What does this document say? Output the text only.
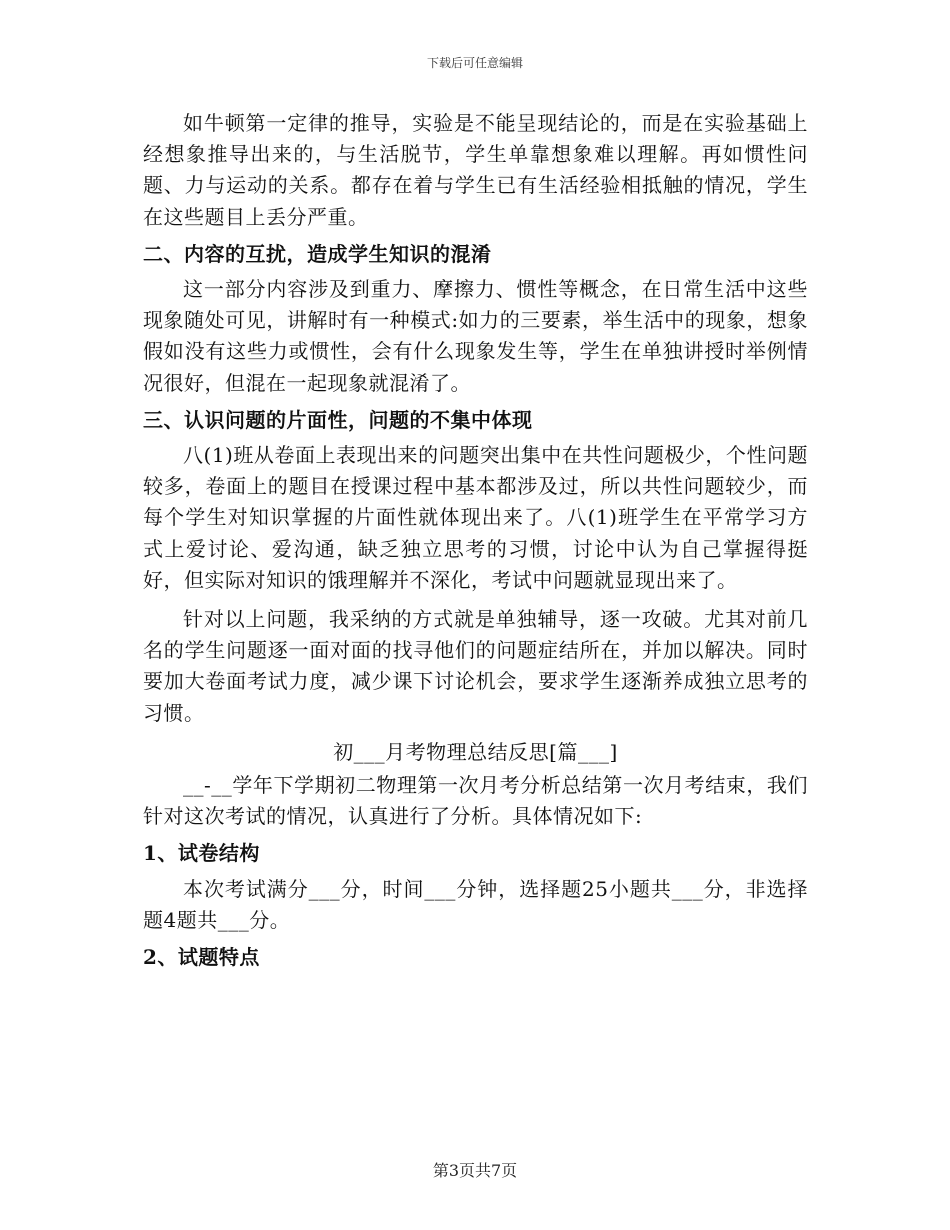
下载后可任意编辑

如牛顿第一定律的推导，实验是不能呈现结论的，而是在实验基础上经想象推导出来的，与生活脱节，学生单靠想象难以理解。再如惯性问题、力与运动的关系。都存在着与学生已有生活经验相抵触的情况，学生在这些题目上丢分严重。

二、内容的互扰，造成学生知识的混淆

这一部分内容涉及到重力、摩擦力、惯性等概念，在日常生活中这些现象随处可见，讲解时有一种模式:如力的三要素，举生活中的现象，想象假如没有这些力或惯性，会有什么现象发生等，学生在单独讲授时举例情况很好，但混在一起现象就混淆了。

三、认识问题的片面性，问题的不集中体现

八(1)班从卷面上表现出来的问题突出集中在共性问题极少，个性问题较多，卷面上的题目在授课过程中基本都涉及过，所以共性问题较少，而每个学生对知识掌握的片面性就体现出来了。八(1)班学生在平常学习方式上爱讨论、爱沟通，缺乏独立思考的习惯，讨论中认为自己掌握得挺好，但实际对知识的饿理解并不深化，考试中问题就显现出来了。

针对以上问题，我采纳的方式就是单独辅导，逐一攻破。尤其对前几名的学生问题逐一面对面的找寻他们的问题症结所在，并加以解决。同时要加大卷面考试力度，减少课下讨论机会，要求学生逐渐养成独立思考的习惯。

初___月考物理总结反思[篇___]

__-__学年下学期初二物理第一次月考分析总结第一次月考结束，我们针对这次考试的情况，认真进行了分析。具体情况如下:

1、试卷结构

本次考试满分___分，时间___分钟，选择题25小题共___分，非选择题4题共___分。

2、试题特点

第3页共7页
